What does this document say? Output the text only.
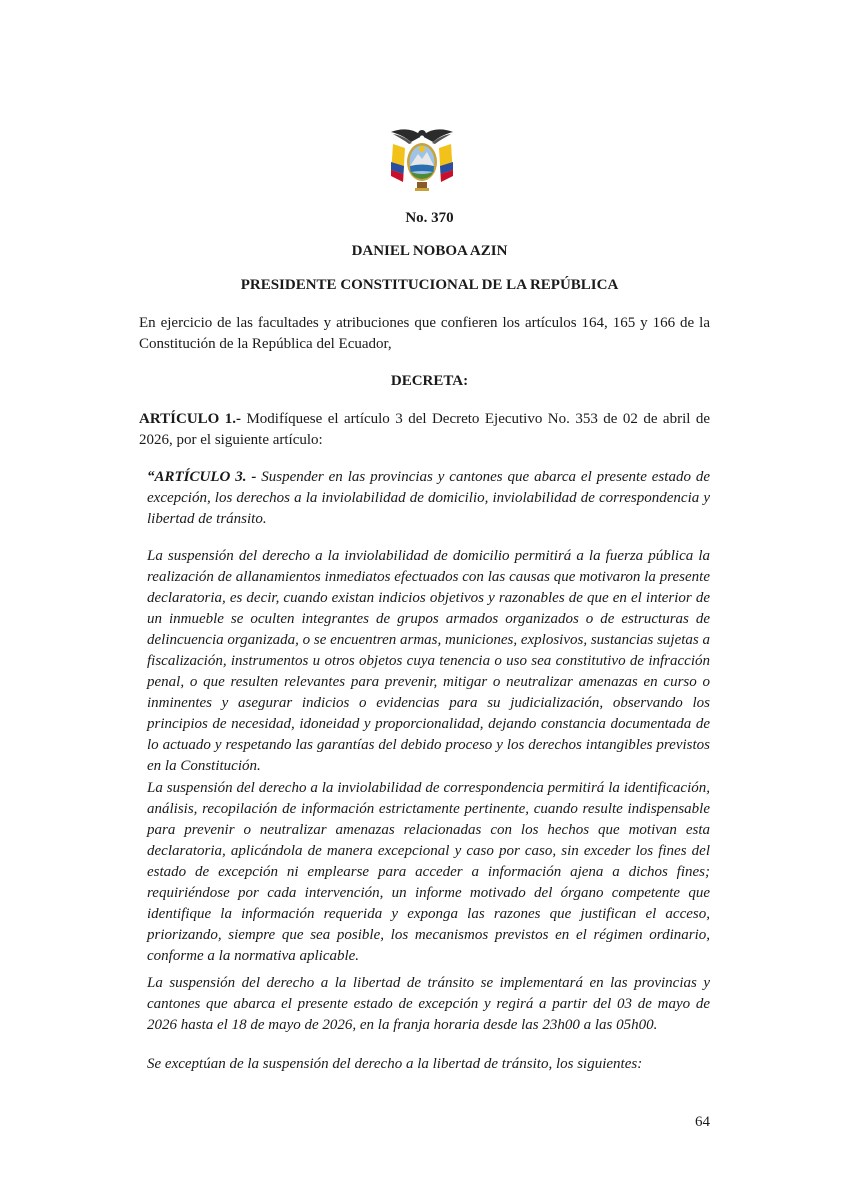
No. 370
DANIEL NOBOA AZIN
PRESIDENTE CONSTITUCIONAL DE LA REPÚBLICA
En ejercicio de las facultades y atribuciones que confieren los artículos 164, 165 y 166 de la Constitución de la República del Ecuador,
DECRETA:
ARTÍCULO 1.- Modifíquese el artículo 3 del Decreto Ejecutivo No. 353 de 02 de abril de 2026, por el siguiente artículo:
“ARTÍCULO 3. - Suspender en las provincias y cantones que abarca el presente estado de excepción, los derechos a la inviolabilidad de domicilio, inviolabilidad de correspondencia y libertad de tránsito.
La suspensión del derecho a la inviolabilidad de domicilio permitirá a la fuerza pública la realización de allanamientos inmediatos efectuados con las causas que motivaron la presente declaratoria, es decir, cuando existan indicios objetivos y razonables de que en el interior de un inmueble se oculten integrantes de grupos armados organizados o de estructuras de delincuencia organizada, o se encuentren armas, municiones, explosivos, sustancias sujetas a fiscalización, instrumentos u otros objetos cuya tenencia o uso sea constitutivo de infracción penal, o que resulten relevantes para prevenir, mitigar o neutralizar amenazas en curso o inminentes y asegurar indicios o evidencias para su judicialización, observando los principios de necesidad, idoneidad y proporcionalidad, dejando constancia documentada de lo actuado y respetando las garantías del debido proceso y los derechos intangibles previstos en la Constitución.
La suspensión del derecho a la inviolabilidad de correspondencia permitirá la identificación, análisis, recopilación de información estrictamente pertinente, cuando resulte indispensable para prevenir o neutralizar amenazas relacionadas con los hechos que motivan esta declaratoria, aplicándola de manera excepcional y caso por caso, sin exceder los fines del estado de excepción ni emplearse para acceder a información ajena a dichos fines; requiriéndose por cada intervención, un informe motivado del órgano competente que identifique la información requerida y exponga las razones que justifican el acceso, priorizando, siempre que sea posible, los mecanismos previstos en el régimen ordinario, conforme a la normativa aplicable.
La suspensión del derecho a la libertad de tránsito se implementará en las provincias y cantones que abarca el presente estado de excepción y regirá a partir del 03 de mayo de 2026 hasta el 18 de mayo de 2026, en la franja horaria desde las 23h00 a las 05h00.
Se exceptúan de la suspensión del derecho a la libertad de tránsito, los siguientes:
64
